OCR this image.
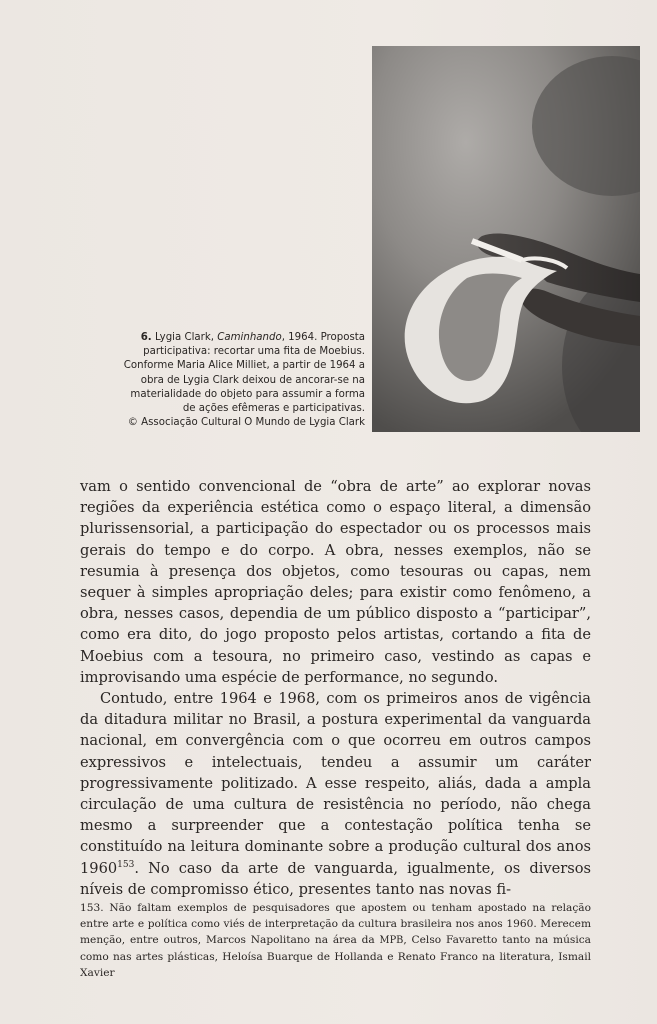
6. Lygia Clark, Caminhando, 1964. Proposta participativa: recortar uma fita de Moebius. Conforme Maria Alice Milliet, a partir de 1964 a obra de Lygia Clark deixou de ancorar-se na materialidade do objeto para assumir a forma de ações efêmeras e participativas.
© Associação Cultural O Mundo de Lygia Clark

vam o sentido convencional de “obra de arte” ao explorar novas regiões da experiência estética como o espaço literal, a dimensão plurissensorial, a participação do espectador ou os processos mais gerais do tempo e do corpo. A obra, nesses exemplos, não se resumia à presença dos objetos, como tesouras ou capas, nem sequer à simples apropriação deles; para existir como fenômeno, a obra, nesses casos, dependia de um público disposto a “participar”, como era dito, do jogo proposto pelos artistas, cortando a fita de Moebius com a tesoura, no primeiro caso, vestindo as capas e improvisando uma espécie de performance, no segundo.

Contudo, entre 1964 e 1968, com os primeiros anos de vigência da ditadura militar no Brasil, a postura experimental da vanguarda nacional, em convergência com o que ocorreu em outros campos expressivos e intelectuais, tendeu a assumir um caráter progressivamente politizado. A esse respeito, aliás, dada a ampla circulação de uma cultura de resistência no período, não chega mesmo a surpreender que a contestação política tenha se constituído na leitura dominante sobre a produção cultural dos anos 1960$^{153}$. No caso da arte de vanguarda, igualmente, os diversos níveis de compromisso ético, presentes tanto nas novas fi-

153. Não faltam exemplos de pesquisadores que apostem ou tenham apostado na relação entre arte e política como viés de interpretação da cultura brasileira nos anos 1960. Merecem menção, entre outros, Marcos Napolitano na área da MPB, Celso Favaretto tanto na música como nas artes plásticas, Heloísa Buarque de Hollanda e Renato Franco na literatura, Ismail Xavier
